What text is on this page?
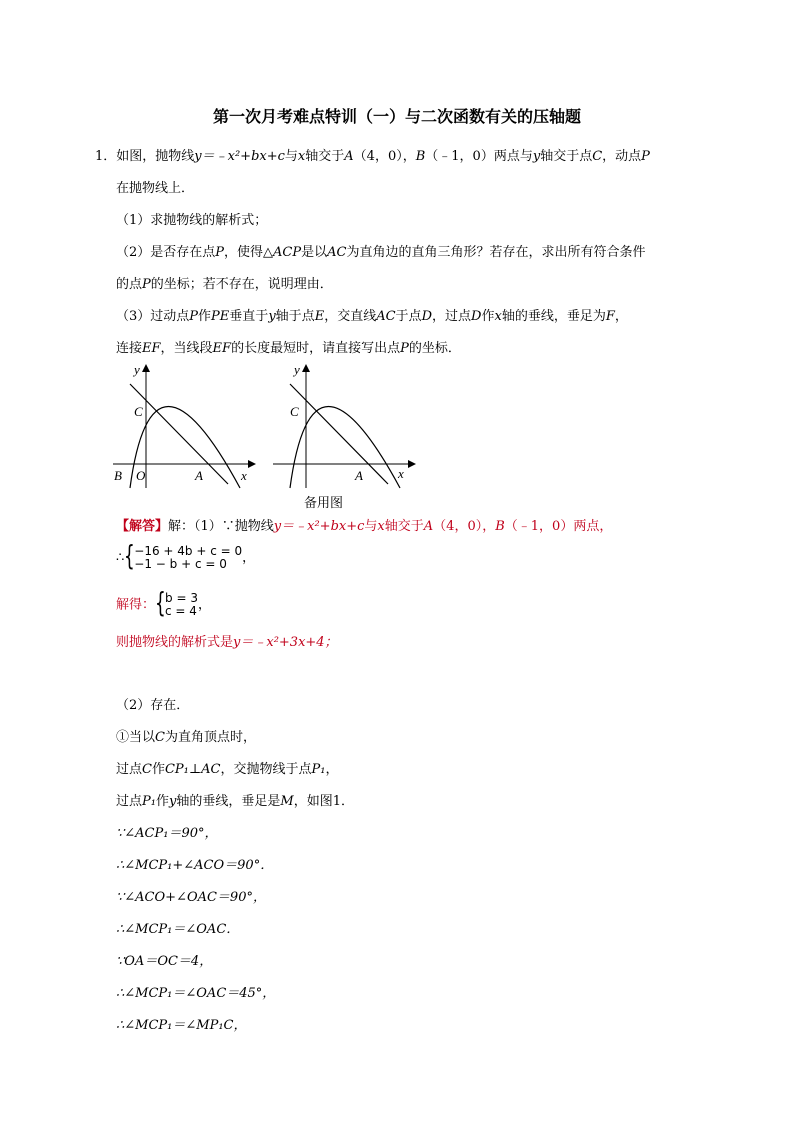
第一次月考难点特训（一）与二次函数有关的压轴题
1．如图，抛物线y＝﹣x²+bx+c与x轴交于A（4，0），B（﹣1，0）两点与y轴交于点C，动点P
在抛物线上．
（1）求抛物线的解析式；
（2）是否存在点P，使得△ACP是以AC为直角边的直角三角形？若存在，求出所有符合条件
的点P的坐标；若不存在，说明理由．
（3）过动点P作PE垂直于y轴于点E，交直线AC于点D，过点D作x轴的垂线，垂足为F，
连接EF，当线段EF的长度最短时，请直接写出点P的坐标．
y
x
C
O	A
B
y
x
C
A
备用图
【解答】解：（1）∵抛物线y＝﹣x²+bx+c与x轴交于A（4，0），B（﹣1，0）两点，
∴ { −16 + 4b + c = 0
−1 − b + c = 0	，
解得： { b = 3
c = 4 ，
则抛物线的解析式是y＝﹣x²+3x+4；
（2）存在．
①当以C为直角顶点时，
过点C作CP₁⊥AC，交抛物线于点P₁，
过点P₁作y轴的垂线，垂足是M，如图1．
∵∠ACP₁＝90°，
∴∠MCP₁+∠ACO＝90°．
∵∠ACO+∠OAC＝90°，
∴∠MCP₁＝∠OAC．
∵OA＝OC＝4，
∴∠MCP₁＝∠OAC＝45°，
∴∠MCP₁＝∠MP₁C，
